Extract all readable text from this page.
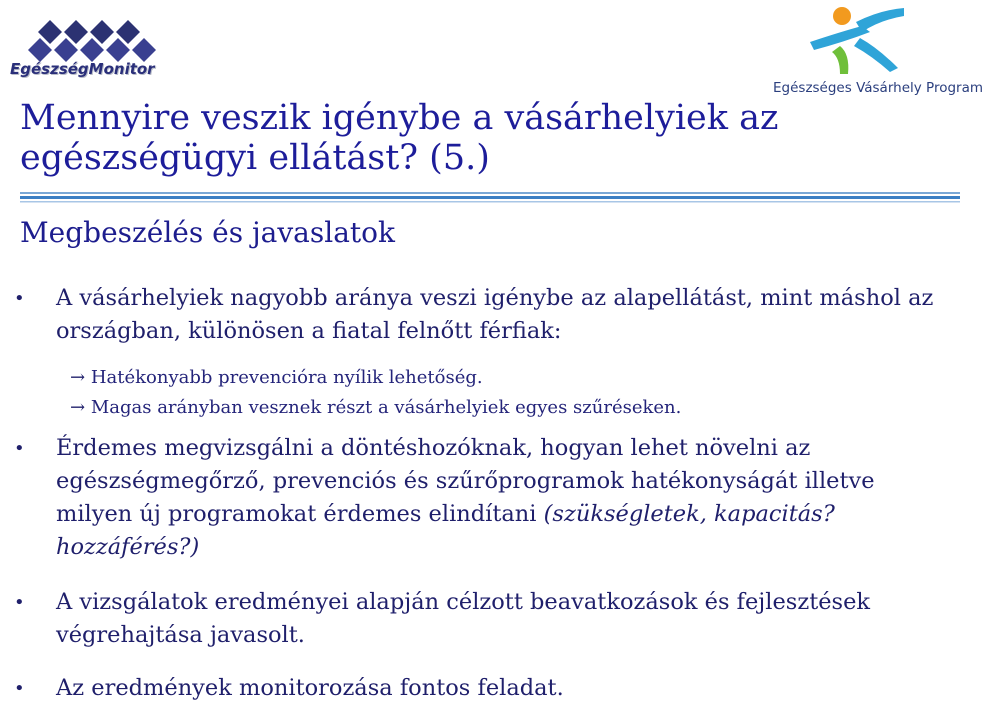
EgészségMonitor
Egészséges Vásárhely Program
Mennyire veszik igénybe a vásárhelyiek az egészségügyi ellátást? (5.)
Megbeszélés és javaslatok
• A vásárhelyiek nagyobb aránya veszi igénybe az alapellátást, mint máshol az országban, különösen a fiatal felnőtt férfiak:
→ Hatékonyabb prevencióra nyílik lehetőség.
→ Magas arányban vesznek részt a vásárhelyiek egyes szűréseken.
• Érdemes megvizsgálni a döntéshozóknak, hogyan lehet növelni az egészségmegőrző, prevenciós és szűrőprogramok hatékonyságát illetve milyen új programokat érdemes elindítani (szükségletek, kapacitás? hozzáférés?)
• A vizsgálatok eredményei alapján célzott beavatkozások és fejlesztések végrehajtása javasolt.
• Az eredmények monitorozása fontos feladat.
